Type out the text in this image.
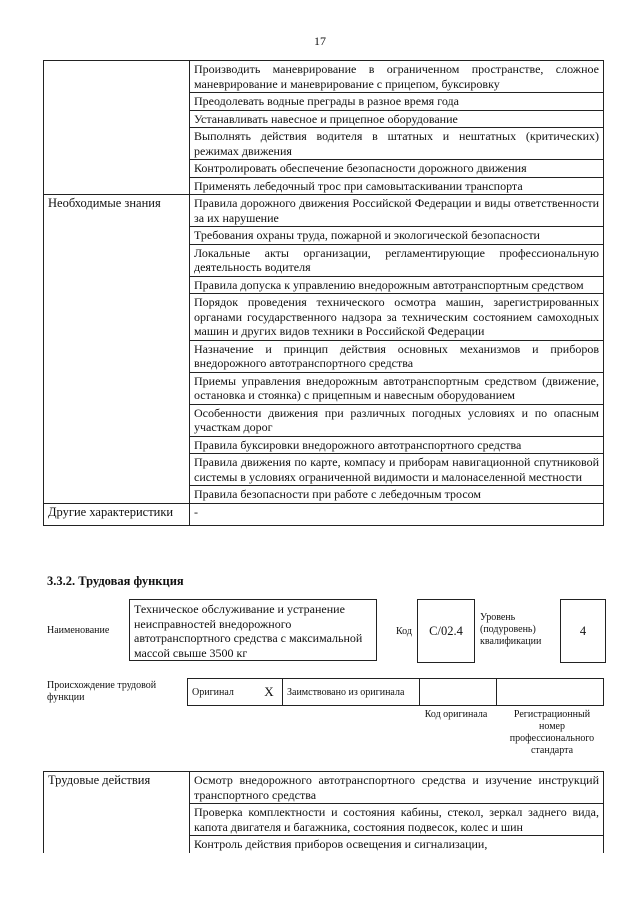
17
	Производить маневрирование в ограниченном пространстве, сложное маневрирование и маневрирование с прицепом, буксировку
	Преодолевать водные преграды в разное время года
	Устанавливать навесное и прицепное оборудование
	Выполнять действия водителя в штатных и нештатных (критических) режимах движения
	Контролировать обеспечение безопасности дорожного движения
	Применять лебедочный трос при самовытаскивании транспорта
Необходимые знания	Правила дорожного движения Российской Федерации и виды ответственности за их нарушение
	Требования охраны труда, пожарной и экологической безопасности
	Локальные акты организации, регламентирующие профессиональную деятельность водителя
	Правила допуска к управлению внедорожным автотранспортным средством
	Порядок проведения технического осмотра машин, зарегистрированных органами государственного надзора за техническим состоянием самоходных машин и других видов техники в Российской Федерации
	Назначение и принцип действия основных механизмов и приборов внедорожного автотранспортного средства
	Приемы управления внедорожным автотранспортным средством (движение, остановка и стоянка) с прицепным и навесным оборудованием
	Особенности движения при различных погодных условиях и по опасным участкам дорог
	Правила буксировки внедорожного автотранспортного средства
	Правила движения по карте, компасу и приборам навигационной спутниковой системы в условиях ограниченной видимости и малонаселенной местности
	Правила безопасности при работе с лебедочным тросом
Другие характеристики	-
3.3.2. Трудовая функция
Наименование
Техническое обслуживание и устранение неисправностей внедорожного автотранспортного средства с максимальной массой свыше 3500 кг
Код	С/02.4
Уровень (подуровень) квалификации
4
Происхождение трудовой функции	Оригинал	X	Заимствовано из оригинала		
Код оригинала	Регистрационный номер профессионального стандарта
Трудовые действия	Осмотр внедорожного автотранспортного средства и изучение инструкций транспортного средства
Проверка комплектности и состояния кабины, стекол, зеркал заднего вида, капота двигателя и багажника, состояния подвесок, колес и шин
Контроль действия приборов освещения и сигнализации,
